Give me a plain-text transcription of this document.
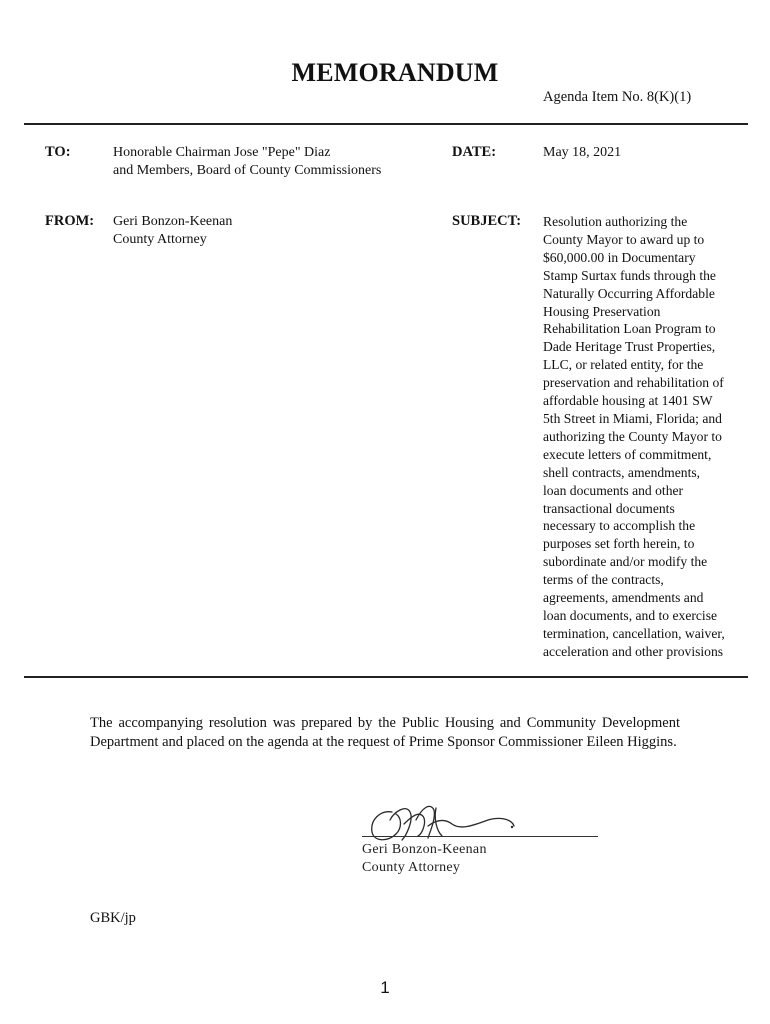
MEMORANDUM
Agenda Item No. 8(K)(1)
TO:	Honorable Chairman Jose "Pepe" Diaz
and Members, Board of County Commissioners
DATE:	May 18, 2021
FROM: Geri Bonzon-Keenan
County Attorney
SUBJECT: Resolution authorizing the
County Mayor to award up to
$60,000.00 in Documentary
Stamp Surtax funds through the
Naturally Occurring Affordable
Housing Preservation
Rehabilitation Loan Program to
Dade Heritage Trust Properties,
LLC, or related entity, for the
preservation and rehabilitation of
affordable housing at 1401 SW
5th Street in Miami, Florida; and
authorizing the County Mayor to
execute letters of commitment,
shell contracts, amendments,
loan documents and other
transactional documents
necessary to accomplish the
purposes set forth herein, to
subordinate and/or modify the
terms of the contracts,
agreements, amendments and
loan documents, and to exercise
termination, cancellation, waiver,
acceleration and other provisions
The accompanying resolution was prepared by the Public Housing and Community Development Department and placed on the agenda at the request of Prime Sponsor Commissioner Eileen Higgins.
Geri Bonzon-Keenan
County Attorney
GBK/jp
1
